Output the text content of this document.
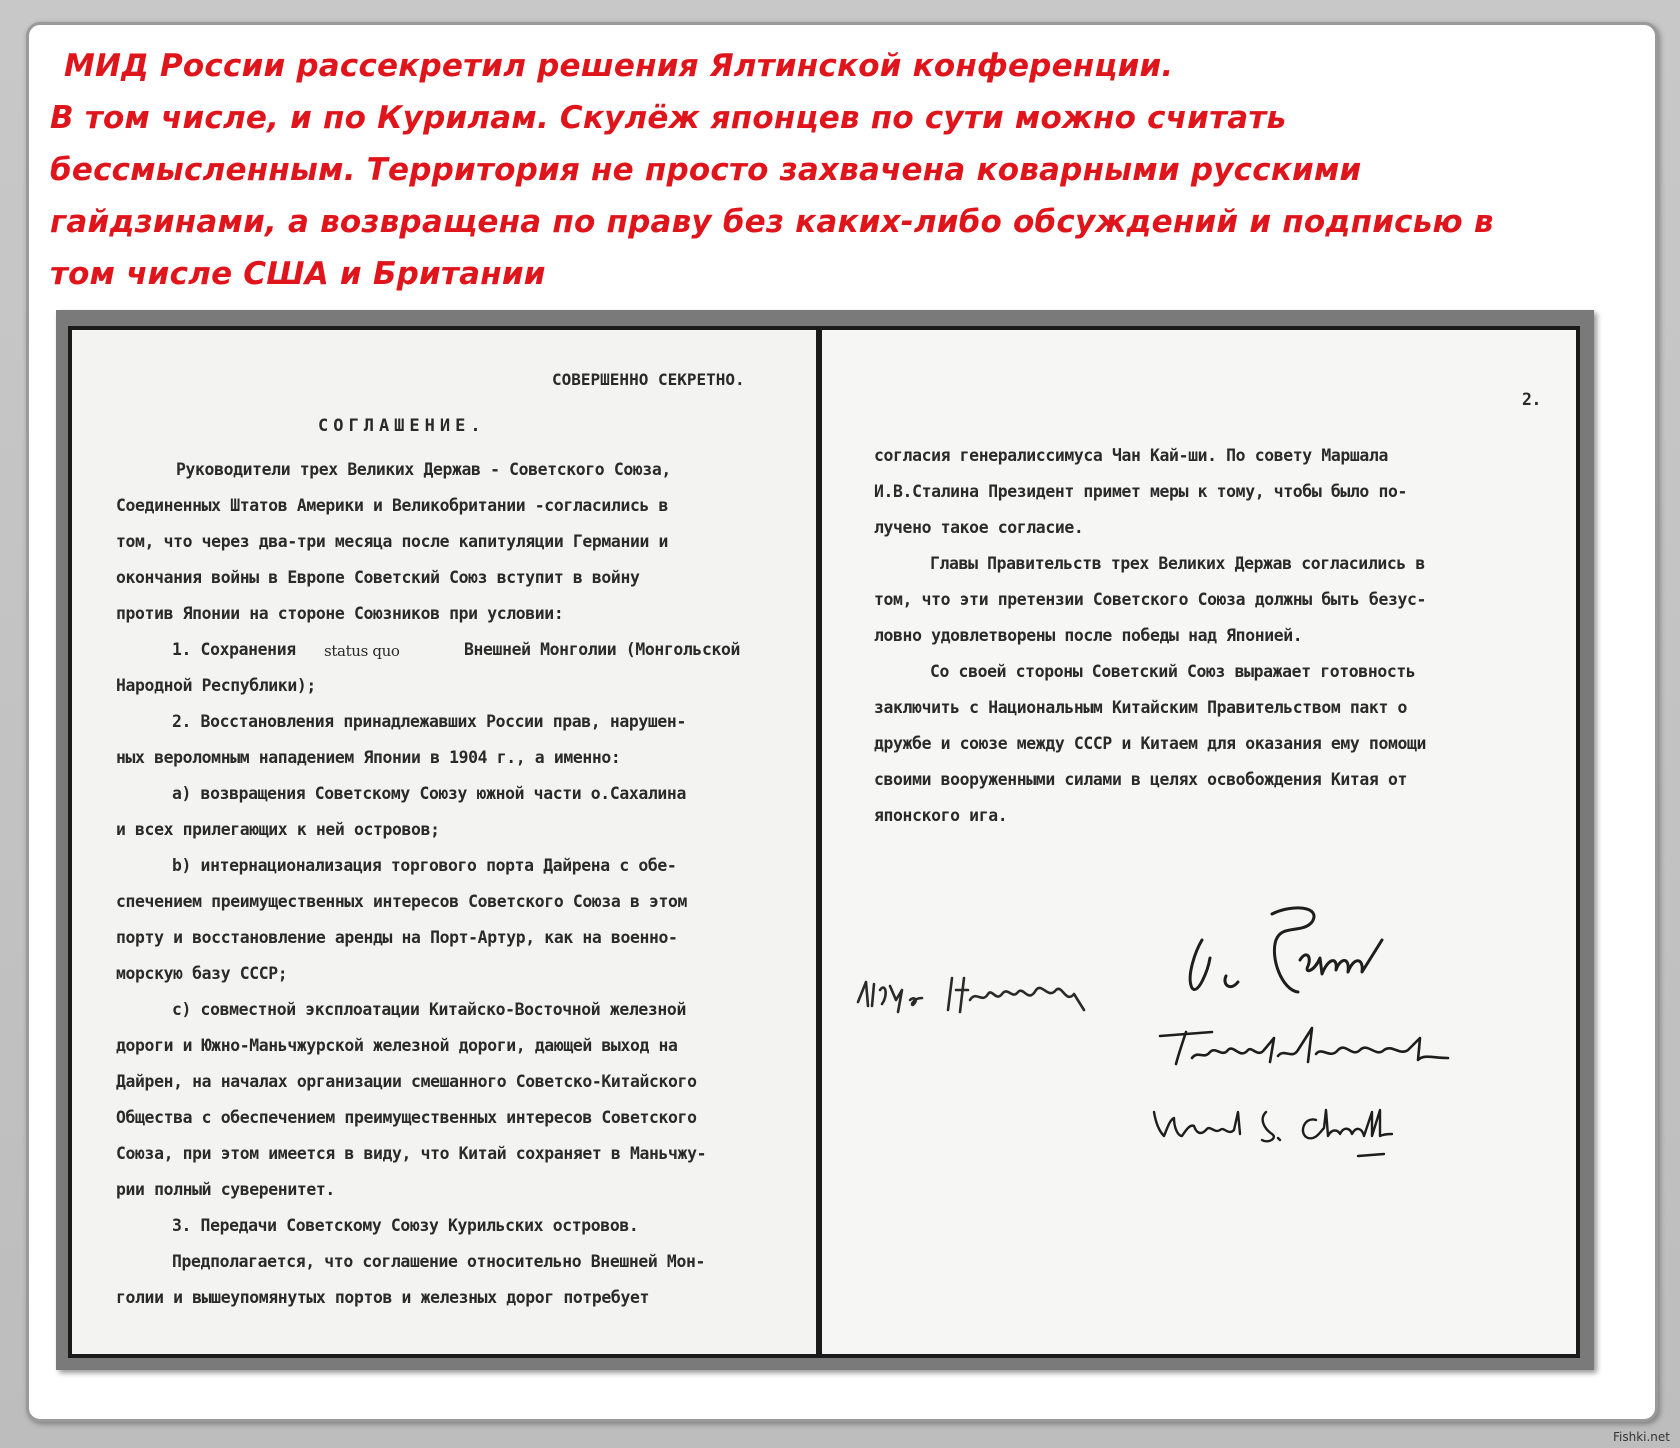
МИД России рассекретил решения Ялтинской конференции.
В том числе, и по Курилам. Скулёж японцев по сути можно считать
бессмысленным. Территория не просто захвачена коварными русскими
гайдзинами, а возвращена по праву без каких-либо обсуждений и подписью в
том числе США и Британии
СОВЕРШЕННО СЕКРЕТНО.
СОГЛАШЕНИЕ.
Руководители трех Великих Держав - Советского Союза,
Соединенных Штатов Америки и Великобритании -согласились в
том, что через два-три месяца после капитуляции Германии и
окончания войны в Европе Советский Союз вступит в войну
против Японии на стороне Союзников при условии:
1. Сохранения status quo	Внешней Монголии (Монгольской
Народной Республики);
2. Восстановления принадлежавших России прав, нарушен-
ных вероломным нападением Японии в 1904 г., а именно:
а) возвращения Советскому Союзу южной части о.Сахалина
и всех прилегающих к ней островов;
b) интернационализация торгового порта Дайрена с обе-
спечением преимущественных интересов Советского Союза в этом
порту и восстановление аренды на Порт-Артур, как на военно-
морскую базу СССР;
с) совместной эксплоатации Китайско-Восточной железной
дороги и Южно-Маньчжурской железной дороги, дающей выход на
Дайрен, на началах организации смешанного Советско-Китайского
Общества с обеспечением преимущественных интересов Советского
Союза, при этом имеется в виду, что Китай сохраняет в Маньчжу-
рии полный суверенитет.
3. Передачи Советскому Союзу Курильских островов.
Предполагается, что соглашение относительно Внешней Мон-
голии и вышеупомянутых портов и железных дорог потребует
2.
согласия генералиссимуса Чан Кай-ши. По совету Маршала
И.В.Сталина Президент примет меры к тому, чтобы было по-
лучено такое согласие.
Главы Правительств трех Великих Держав согласились в
том, что эти претензии Советского Союза должны быть безус-
ловно удовлетворены после победы над Японией.
Со своей стороны Советский Союз выражает готовность
заключить с Национальным Китайским Правительством пакт о
дружбе и союзе между СССР и Китаем для оказания ему помощи
своими вооруженными силами в целях освобождения Китая от
японского ига.
Fishki.net
